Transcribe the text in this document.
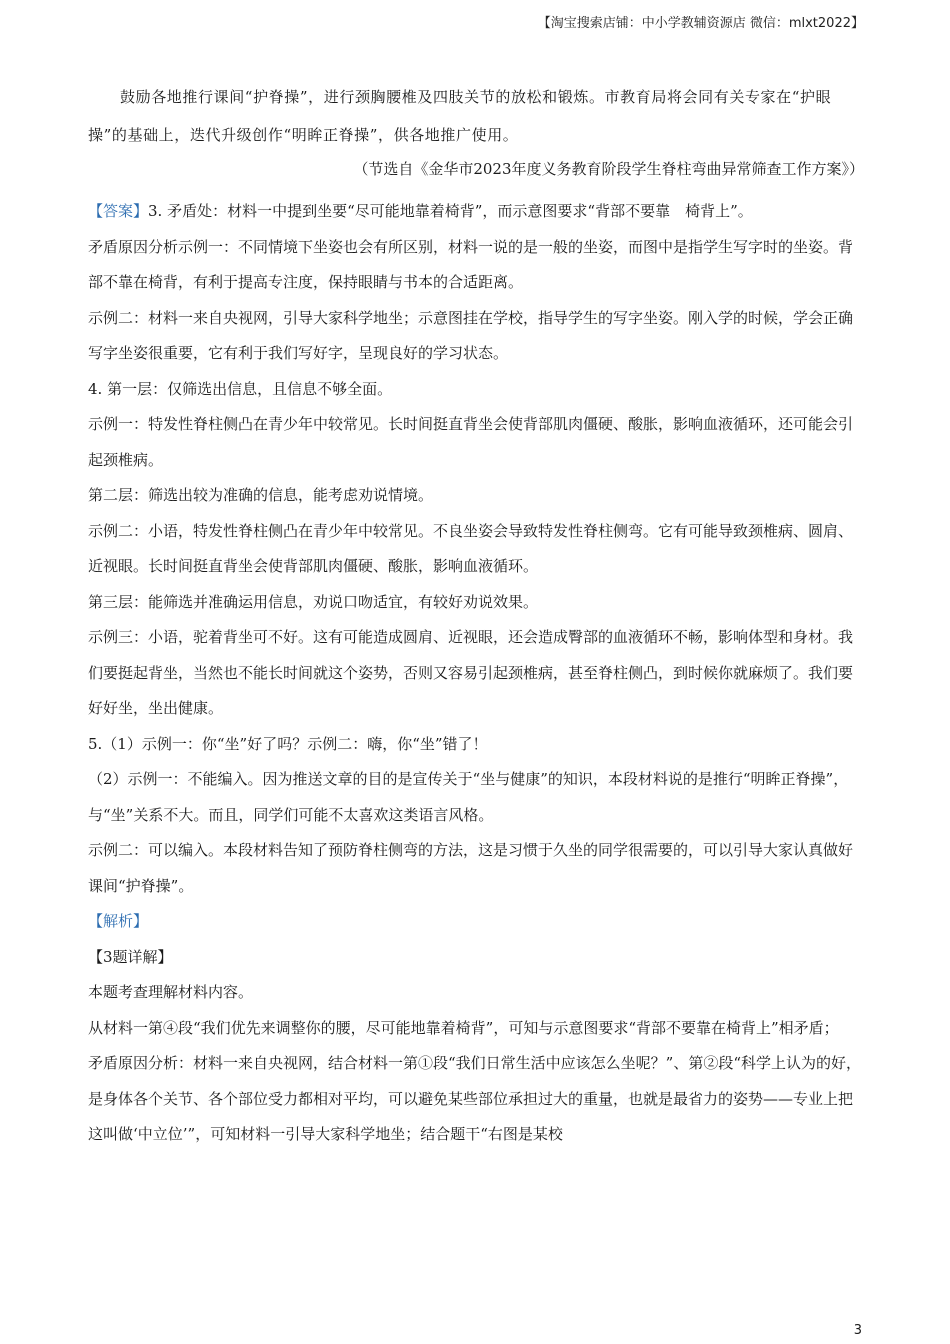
【淘宝搜索店铺：中小学教辅资源店 微信：mlxt2022】

鼓励各地推行课间“护脊操”，进行颈胸腰椎及四肢关节的放松和锻炼。市教育局将会同有关专家在“护眼操”的基础上，迭代升级创作“明眸正脊操”，供各地推广使用。

（节选自《金华市2023年度义务教育阶段学生脊柱弯曲异常筛查工作方案》）

【答案】3. 矛盾处：材料一中提到坐要“尽可能地靠着椅背”，而示意图要求“背部不要靠　椅背上”。

矛盾原因分析示例一：不同情境下坐姿也会有所区别，材料一说的是一般的坐姿，而图中是指学生写字时的坐姿。背部不靠在椅背，有利于提高专注度，保持眼睛与书本的合适距离。

示例二：材料一来自央视网，引导大家科学地坐；示意图挂在学校，指导学生的写字坐姿。刚入学的时候，学会正确写字坐姿很重要，它有利于我们写好字，呈现良好的学习状态。

4. 第一层：仅筛选出信息，且信息不够全面。

示例一：特发性脊柱侧凸在青少年中较常见。长时间挺直背坐会使背部肌肉僵硬、酸胀，影响血液循环，还可能会引起颈椎病。

第二层：筛选出较为准确的信息，能考虑劝说情境。

示例二：小语，特发性脊柱侧凸在青少年中较常见。不良坐姿会导致特发性脊柱侧弯。它有可能导致颈椎病、圆肩、近视眼。长时间挺直背坐会使背部肌肉僵硬、酸胀，影响血液循环。

第三层：能筛选并准确运用信息，劝说口吻适宜，有较好劝说效果。

示例三：小语，驼着背坐可不好。这有可能造成圆肩、近视眼，还会造成臀部的血液循环不畅，影响体型和身材。我们要挺起背坐，当然也不能长时间就这个姿势，否则又容易引起颈椎病，甚至脊柱侧凸，到时候你就麻烦了。我们要好好坐，坐出健康。

5.（1）示例一：你“坐”好了吗？示例二：嗨，你“坐”错了！

（2）示例一：不能编入。因为推送文章的目的是宣传关于“坐与健康”的知识，本段材料说的是推行“明眸正脊操”，与“坐”关系不大。而且，同学们可能不太喜欢这类语言风格。

示例二：可以编入。本段材料告知了预防脊柱侧弯的方法，这是习惯于久坐的同学很需要的，可以引导大家认真做好课间“护脊操”。

【解析】

【3题详解】

本题考查理解材料内容。

从材料一第④段“我们优先来调整你的腰，尽可能地靠着椅背”，可知与示意图要求“背部不要靠在椅背上”相矛盾；

矛盾原因分析：材料一来自央视网，结合材料一第①段“我们日常生活中应该怎么坐呢？”、第②段“科学上认为的好，是身体各个关节、各个部位受力都相对平均，可以避免某些部位承担过大的重量，也就是最省力的姿势——专业上把这叫做‘中立位’”，可知材料一引导大家科学地坐；结合题干“右图是某校

3
